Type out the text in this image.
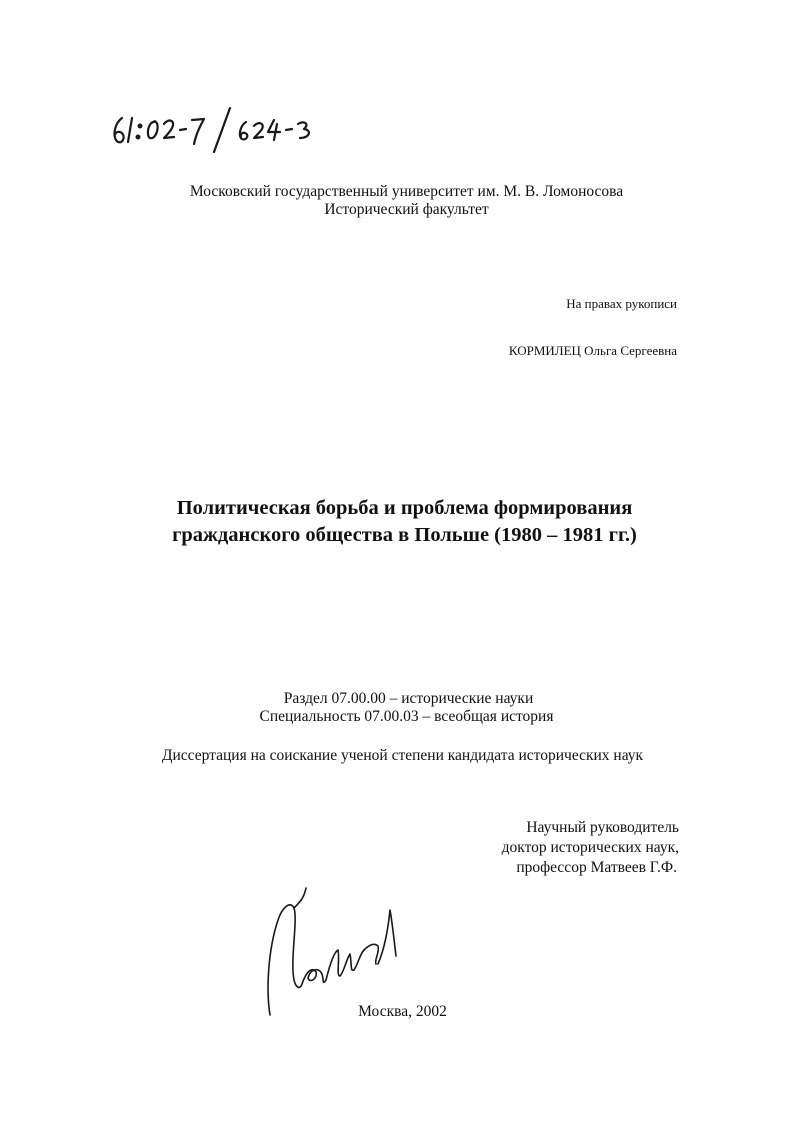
Московский государственный университет им. М. В. Ломоносова
Исторический факультет
На правах рукописи
КОРМИЛЕЦ Ольга Сергеевна
Политическая борьба и проблема формирования
гражданского общества в Польше (1980 – 1981 гг.)
Раздел 07.00.00 – исторические науки
Специальность 07.00.03 – всеобщая история
Диссертация на соискание ученой степени кандидата исторических наук
Научный руководитель
доктор исторических наук,
профессор Матвеев Г.Ф.
Москва, 2002
